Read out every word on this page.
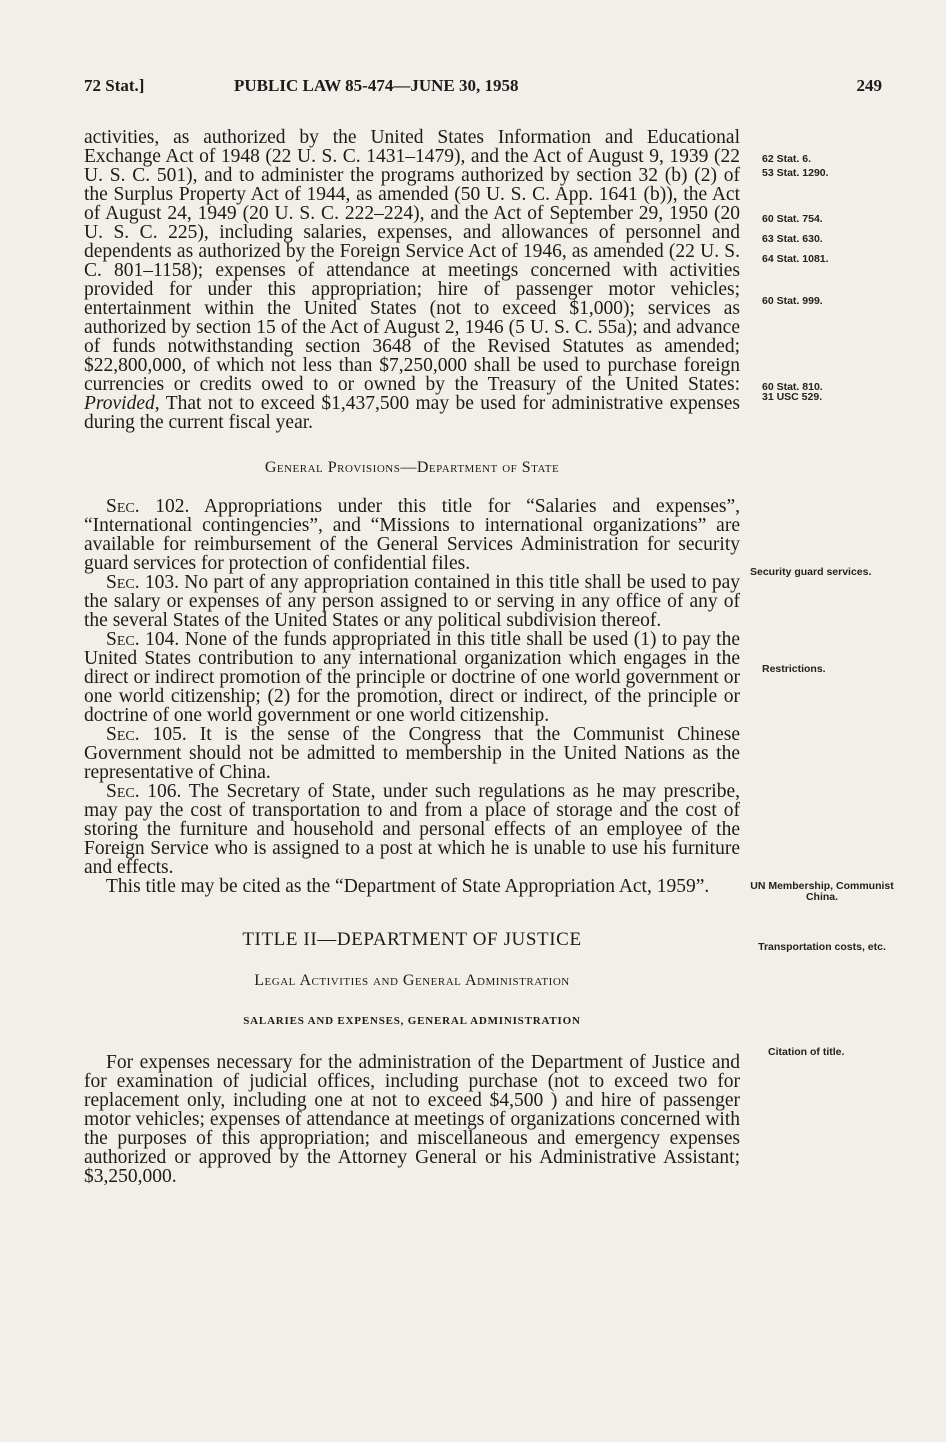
72 Stat.]	PUBLIC LAW 85-474—JUNE 30, 1958	249

activities, as authorized by the United States Information and Educational Exchange Act of 1948 (22 U. S. C. 1431–1479), and the Act of August 9, 1939 (22 U. S. C. 501), and to administer the programs authorized by section 32 (b) (2) of the Surplus Property Act of 1944, as amended (50 U. S. C. App. 1641 (b)), the Act of August 24, 1949 (20 U. S. C. 222–224), and the Act of September 29, 1950 (20 U. S. C. 225), including salaries, expenses, and allowances of personnel and dependents as authorized by the Foreign Service Act of 1946, as amended (22 U. S. C. 801–1158); expenses of attendance at meetings concerned with activities provided for under this appropriation; hire of passenger motor vehicles; entertainment within the United States (not to exceed $1,000); services as authorized by section 15 of the Act of August 2, 1946 (5 U. S. C. 55a); and advance of funds notwithstanding section 3648 of the Revised Statutes as amended; $22,800,000, of which not less than $7,250,000 shall be used to purchase foreign currencies or credits owed to or owned by the Treasury of the United States: Provided, That not to exceed $1,437,500 may be used for administrative expenses during the current fiscal year.

General Provisions—Department of State

Sec. 102. Appropriations under this title for “Salaries and expenses”, “International contingencies”, and “Missions to international organizations” are available for reimbursement of the General Services Administration for security guard services for protection of confidential files.

Sec. 103. No part of any appropriation contained in this title shall be used to pay the salary or expenses of any person assigned to or serving in any office of any of the several States of the United States or any political subdivision thereof.

Sec. 104. None of the funds appropriated in this title shall be used (1) to pay the United States contribution to any international organization which engages in the direct or indirect promotion of the principle or doctrine of one world government or one world citizenship; (2) for the promotion, direct or indirect, of the principle or doctrine of one world government or one world citizenship.

Sec. 105. It is the sense of the Congress that the Communist Chinese Government should not be admitted to membership in the United Nations as the representative of China.

Sec. 106. The Secretary of State, under such regulations as he may prescribe, may pay the cost of transportation to and from a place of storage and the cost of storing the furniture and household and personal effects of an employee of the Foreign Service who is assigned to a post at which he is unable to use his furniture and effects.

This title may be cited as the “Department of State Appropriation Act, 1959”.

TITLE II—DEPARTMENT OF JUSTICE
Legal Activities and General Administration
SALARIES AND EXPENSES, GENERAL ADMINISTRATION

For expenses necessary for the administration of the Department of Justice and for examination of judicial offices, including purchase (not to exceed two for replacement only, including one at not to exceed $4,500 ) and hire of passenger motor vehicles; expenses of attendance at meetings of organizations concerned with the purposes of this appropriation; and miscellaneous and emergency expenses authorized or approved by the Attorney General or his Administrative Assistant; $3,250,000.

62 Stat. 6.
53 Stat. 1290.
60 Stat. 754.
63 Stat. 630.
64 Stat. 1081.
60 Stat. 999.
60 Stat. 810.
31 USC 529.
Security guard services.
Restrictions.
UN Membership, Communist China.
Transportation costs, etc.
Citation of title.
